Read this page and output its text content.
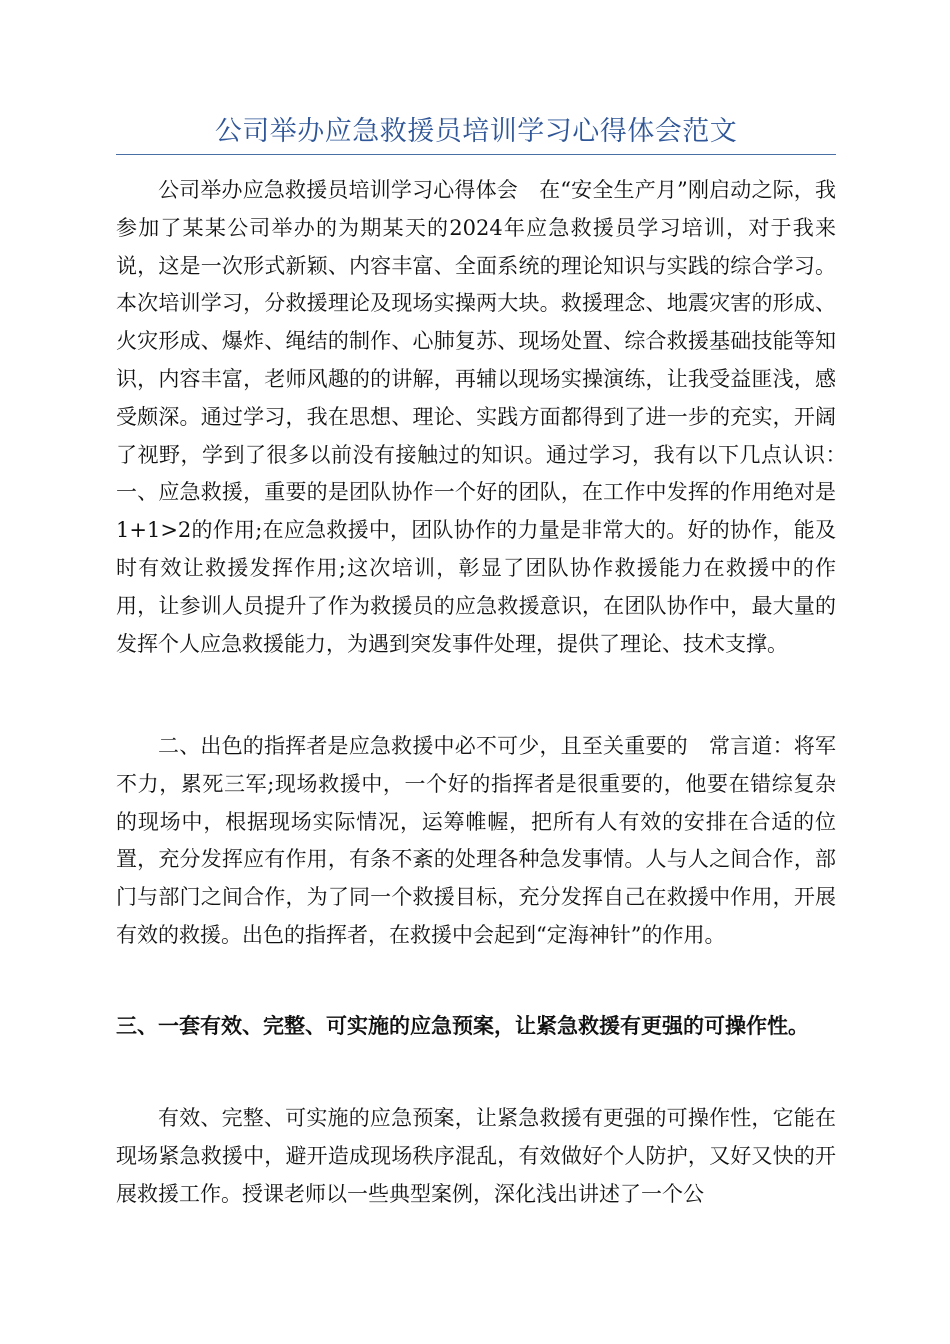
公司举办应急救援员培训学习心得体会范文
公司举办应急救援员培训学习心得体会　在“安全生产月”刚启动之际，我参加了某某公司举办的为期某天的2024年应急救援员学习培训，对于我来说，这是一次形式新颖、内容丰富、全面系统的理论知识与实践的综合学习。本次培训学习，分救援理论及现场实操两大块。救援理念、地震灾害的形成、火灾形成、爆炸、绳结的制作、心肺复苏、现场处置、综合救援基础技能等知识，内容丰富，老师风趣的的讲解，再辅以现场实操演练，让我受益匪浅，感受颇深。通过学习，我在思想、理论、实践方面都得到了进一步的充实，开阔了视野，学到了很多以前没有接触过的知识。通过学习，我有以下几点认识：　一、应急救援，重要的是团队协作一个好的团队，在工作中发挥的作用绝对是1+1>2的作用;在应急救援中，团队协作的力量是非常大的。好的协作，能及时有效让救援发挥作用;这次培训，彰显了团队协作救援能力在救援中的作用，让参训人员提升了作为救援员的应急救援意识，在团队协作中，最大量的发挥个人应急救援能力，为遇到突发事件处理，提供了理论、技术支撑。
二、出色的指挥者是应急救援中必不可少，且至关重要的　常言道：将军不力，累死三军;现场救援中，一个好的指挥者是很重要的，他要在错综复杂的现场中，根据现场实际情况，运筹帷幄，把所有人有效的安排在合适的位置，充分发挥应有作用，有条不紊的处理各种急发事情。人与人之间合作，部门与部门之间合作，为了同一个救援目标，充分发挥自己在救援中作用，开展有效的救援。出色的指挥者，在救援中会起到“定海神针”的作用。
三、一套有效、完整、可实施的应急预案，让紧急救援有更强的可操作性。
有效、完整、可实施的应急预案，让紧急救援有更强的可操作性，它能在现场紧急救援中，避开造成现场秩序混乱，有效做好个人防护，又好又快的开展救援工作。授课老师以一些典型案例，深化浅出讲述了一个公
